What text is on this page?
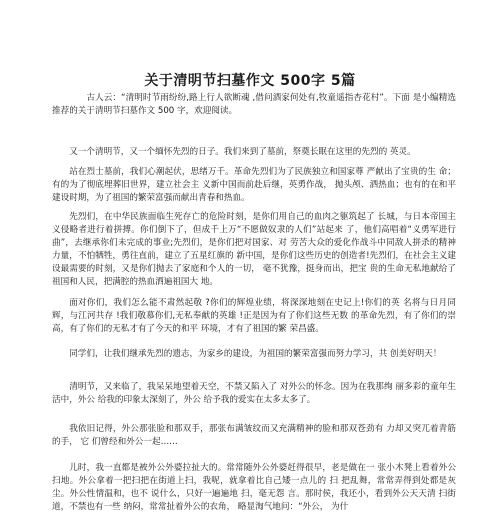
关于清明节扫墓作文 500字 5篇

古人云：“清明时节雨纷纷,路上行人欲断魂 ,借问酒家何处有,牧童遥指杏花村”。下面 是小编精选推荐的关于清明节扫墓作文 500 字，欢迎阅读。

又一个清明节，又一个缅怀先烈的日子。我们来到了墓前，祭奠长眠在这里的先烈的 英灵。

站在烈士墓前，我们心潮起伏，思绪万千。革命先烈们为了民族独立和国家尊 严献出了宝贵的生 命；有的为了彻底埋葬旧世界，建立社会主 义新中国而前赴后继，英勇作战， 抛头颅、洒热血；也有的在和平建设时期，为了祖国的繁荣富强而献出青春和热血。

先烈们，在中华民族面临生死存亡的危险时刻，是你们用自己的血肉之躯筑起了 长城，与日本帝国主义侵略者进行着拼搏。你们倒下了，但成千上万“不愿做奴隶的人们”站起来 了，他们高唱着“义勇军进行曲”，去继承你们未完成的事业;先烈们，是你们把对国家、对 劳苦大众的爱化作战斗中同敌人拼杀的精神力量，不怕牺牲，勇往直前，建立了五星红旗的 新中国，是你们这些历史的创造者!先烈们，在社会主义建设最需要的时刻，又是你们抛去了家庭和个人的一切， 毫不犹豫，挺身而出，把宝 贵的生命无私地献给了祖国和人民，把满腔的热血洒遍祖国大 地。

面对你们，我们怎么能不肃然起敬 ?你们的辉煌业绩，将深深地刻在史记上!你们的英 名将与日月同辉，与江河共存 !我们敬慕你们,无私奉献的英雄 !正是因为有了你们这些无数 的革命先烈，有了你们的崇高，有了你们的无私才有了今天的和平 环境，才有了祖国的繁 荣昌盛。

同学们，让我们继承先烈的遗志，为家乡的建设，为祖国的繁荣富强而努力学习，共 创美好明天！

清明节，又来临了，我呆呆地望着天空，不禁又陷入了 对外公的怀念。因为在我那绚 丽多彩的童年生活中，外公 给我的印象太深刻了，外公 给予我的爱实在太多太多了。

我依旧记得，外公那张脸和那双手，那张布满皱纹而又充满精神的脸和那双苍劲有 力却又突兀着青筋的手， 它 们曾经和外公一起……

儿时，我一直都是被外公外婆拉扯大的。常常随外公外婆赶得很早，老是做在一 张小木凳上看着外公扫地。外公拿着一把扫把在街道上扫，我呢，就拿着比自己矮一点儿的 扫 把乱舞，常常弄得到处都是灰尘。外公性情温和，也不 说什么，只好一遍遍地 扫，毫无怨 言。那时侯，我还小，看到外公天天清 扫街道，不禁也有一些 纳闷，常常扯着外公的衣角， 略显淘气地问：“外公， 为什
